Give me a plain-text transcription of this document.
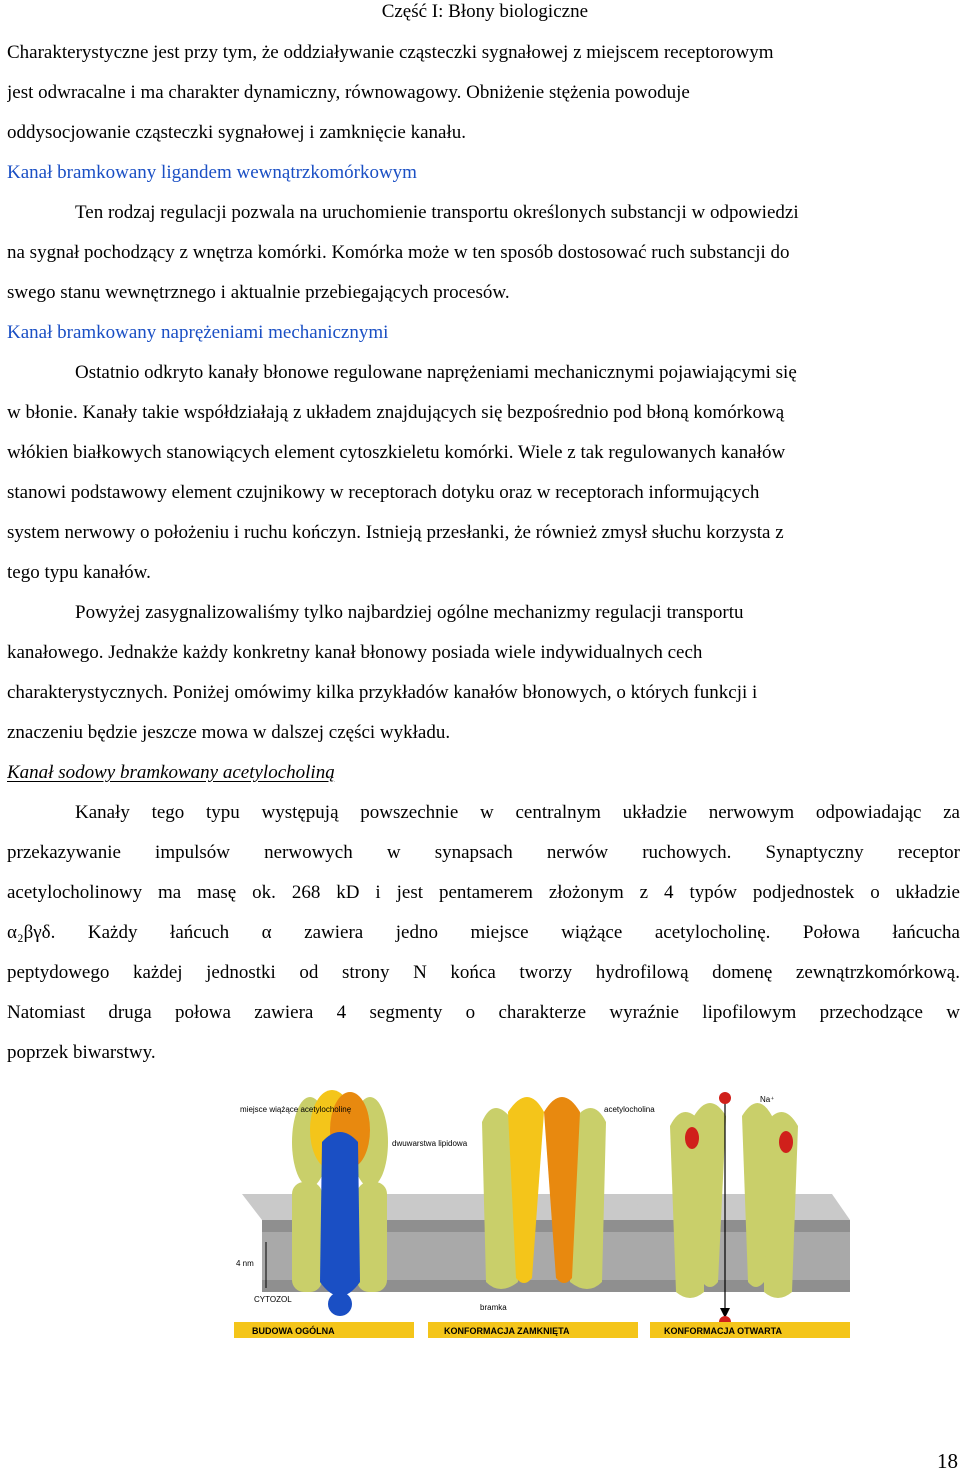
Część I: Błony biologiczne
Charakterystyczne jest przy tym, że oddziaływanie cząsteczki sygnałowej z miejscem receptorowym
jest odwracalne i ma charakter dynamiczny, równowagowy. Obniżenie stężenia powoduje
oddysocjowanie cząsteczki sygnałowej i zamknięcie kanału.
Kanał bramkowany ligandem wewnątrzkomórkowym
Ten rodzaj regulacji pozwala na uruchomienie transportu określonych substancji w odpowiedzi
na sygnał pochodzący z wnętrza komórki. Komórka może w ten sposób dostosować ruch substancji do
swego stanu wewnętrznego i aktualnie przebiegających procesów.
Kanał bramkowany naprężeniami mechanicznymi
Ostatnio odkryto kanały błonowe regulowane naprężeniami mechanicznymi pojawiającymi się
w błonie. Kanały takie współdziałają z układem znajdujących się bezpośrednio pod błoną komórkową
włókien białkowych stanowiących element cytoszkieletu komórki. Wiele z tak regulowanych kanałów
stanowi podstawowy element czujnikowy w receptorach dotyku oraz w receptorach informujących
system nerwowy o położeniu i ruchu kończyn. Istnieją przesłanki, że również zmysł słuchu korzysta z
tego typu kanałów.
Powyżej zasygnalizowaliśmy tylko najbardziej ogólne mechanizmy regulacji transportu
kanałowego. Jednakże każdy konkretny kanał błonowy posiada wiele indywidualnych cech
charakterystycznych. Poniżej omówimy kilka przykładów kanałów błonowych, o których funkcji i
znaczeniu będzie jeszcze mowa w dalszej części wykładu.
Kanał sodowy bramkowany acetylocholiną
Kanały tego typu występują powszechnie w centralnym układzie nerwowym odpowiadając za
przekazywanie impulsów nerwowych w synapsach nerwów ruchowych. Synaptyczny receptor
acetylocholinowy ma masę ok. 268 kD i jest pentamerem złożonym z 4 typów podjednostek o układzie
α₂βγδ. Każdy łańcuch α zawiera jedno miejsce wiążące acetylocholinę. Połowa łańcucha
peptydowego każdej jednostki od strony N końca tworzy hydrofilową domenę zewnątrzkomórkową.
Natomiast druga połowa zawiera 4 segmenty o charakterze wyraźnie lipofilowym przechodzące w
poprzek biwarstwy.
miejsce wiążące acetylocholinę
dwuwarstwa lipidowa
4 nm
CYTOZOL
bramka
acetylocholina
Na⁺
BUDOWA OGÓLNA	KONFORMACJA ZAMKNIĘTA	KONFORMACJA OTWARTA
18
